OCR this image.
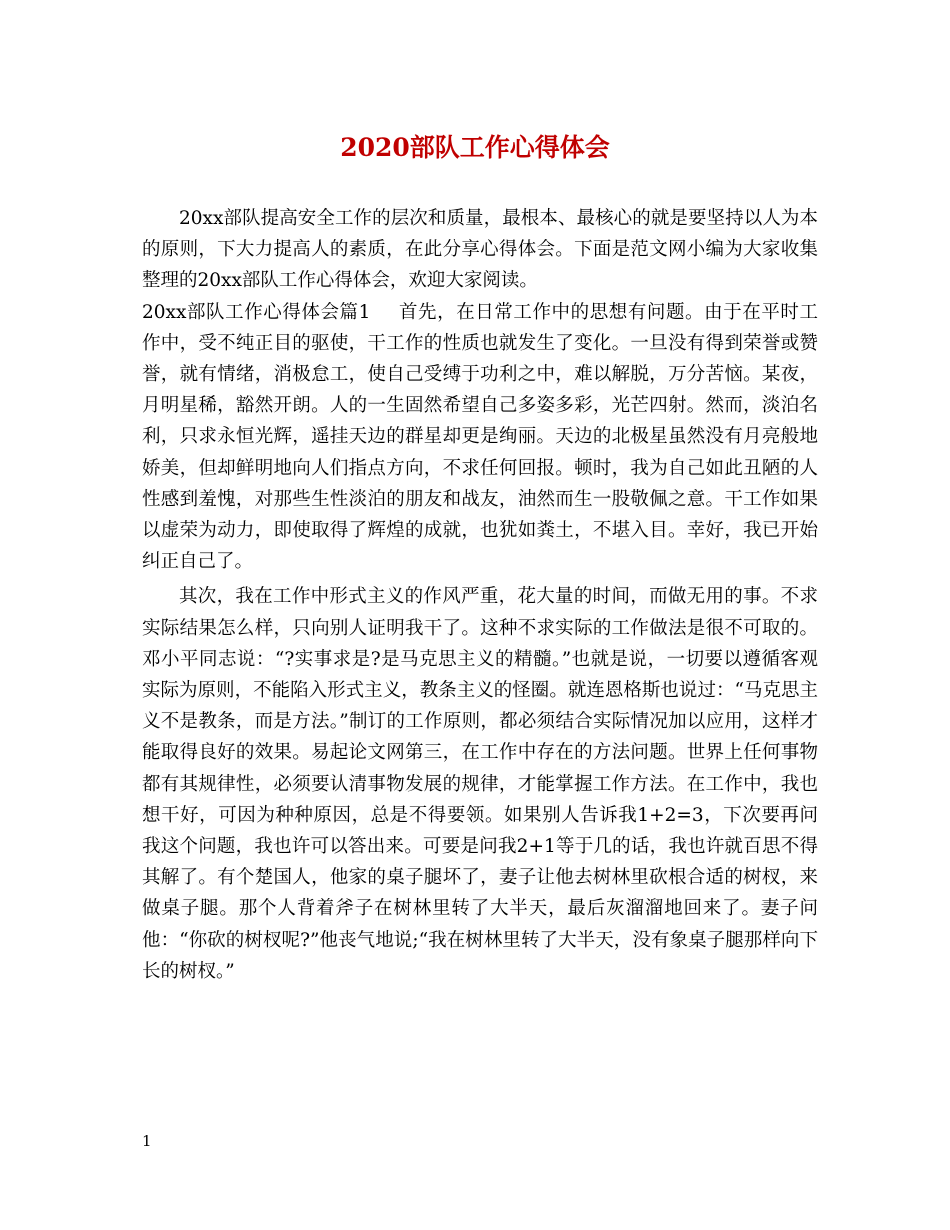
2020部队工作心得体会

20xx部队提高安全工作的层次和质量，最根本、最核心的就是要坚持以人为本的原则，下大力提高人的素质，在此分享心得体会。下面是范文网小编为大家收集整理的20xx部队工作心得体会，欢迎大家阅读。

20xx部队工作心得体会篇1 首先，在日常工作中的思想有问题。由于在平时工作中，受不纯正目的驱使，干工作的性质也就发生了变化。一旦没有得到荣誉或赞誉，就有情绪，消极怠工，使自己受缚于功利之中，难以解脱，万分苦恼。某夜，月明星稀，豁然开朗。人的一生固然希望自己多姿多彩，光芒四射。然而，淡泊名利，只求永恒光辉，遥挂天边的群星却更是绚丽。天边的北极星虽然没有月亮般地娇美，但却鲜明地向人们指点方向，不求任何回报。顿时，我为自己如此丑陋的人性感到羞愧，对那些生性淡泊的朋友和战友，油然而生一股敬佩之意。干工作如果以虚荣为动力，即使取得了辉煌的成就，也犹如粪土，不堪入目。幸好，我已开始纠正自己了。

其次，我在工作中形式主义的作风严重，花大量的时间，而做无用的事。不求实际结果怎么样，只向别人证明我干了。这种不求实际的工作做法是很不可取的。邓小平同志说：“?实事求是?是马克思主义的精髓。”也就是说，一切要以遵循客观实际为原则，不能陷入形式主义，教条主义的怪圈。就连恩格斯也说过：“马克思主义不是教条，而是方法。”制订的工作原则，都必须结合实际情况加以应用，这样才能取得良好的效果。易起论文网第三，在工作中存在的方法问题。世界上任何事物都有其规律性，必须要认清事物发展的规律，才能掌握工作方法。在工作中，我也想干好，可因为种种原因，总是不得要领。如果别人告诉我1+2=3，下次要再问我这个问题，我也许可以答出来。可要是问我2+1等于几的话，我也许就百思不得其解了。有个楚国人，他家的桌子腿坏了，妻子让他去树林里砍根合适的树杈，来做桌子腿。那个人背着斧子在树林里转了大半天，最后灰溜溜地回来了。妻子问他：“你砍的树杈呢?”他丧气地说;“我在树林里转了大半天，没有象桌子腿那样向下长的树杈。”

1
